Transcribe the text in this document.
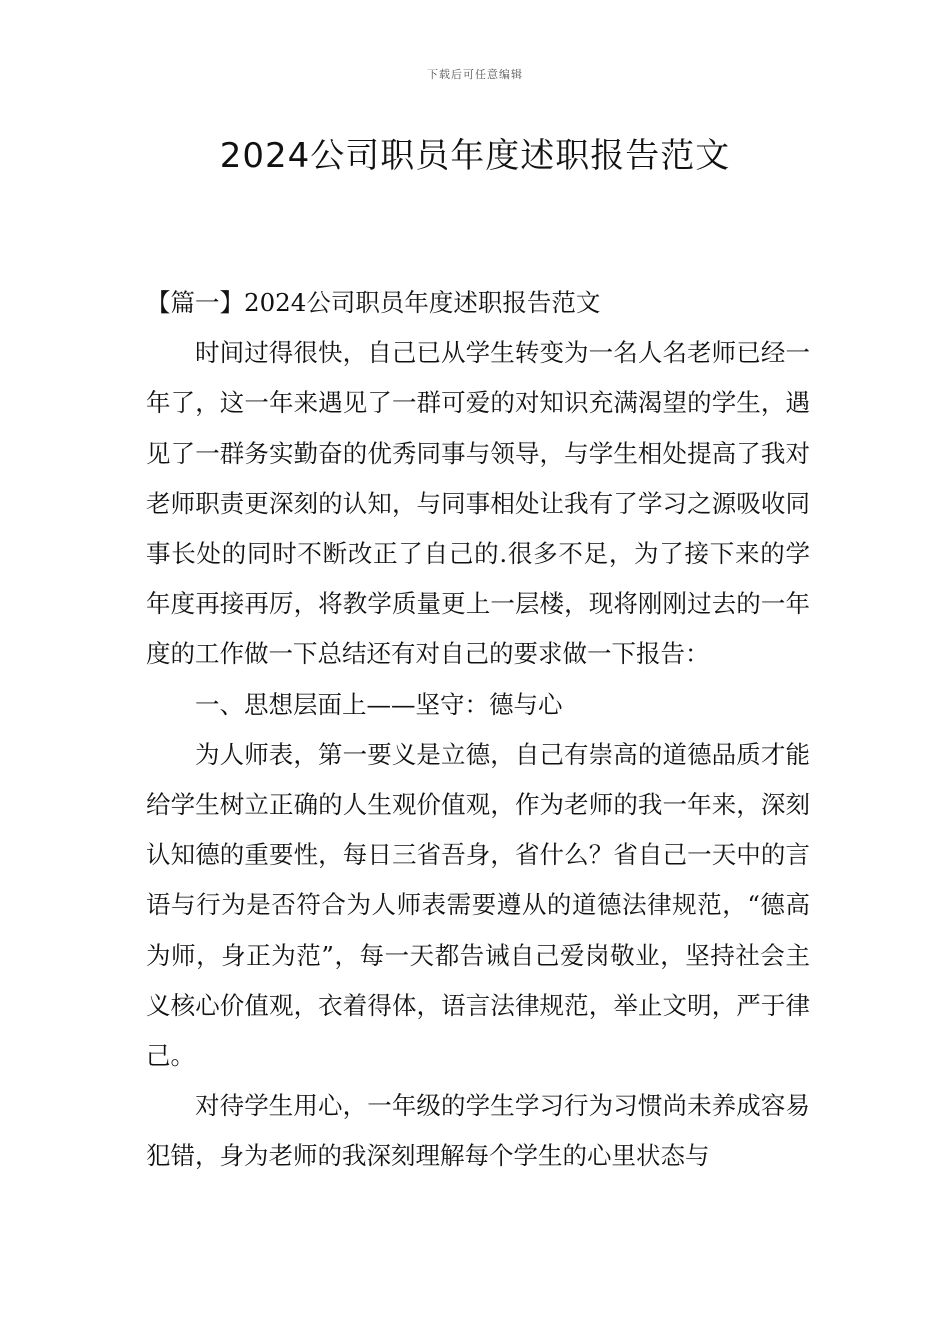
下载后可任意编辑
2024公司职员年度述职报告范文

【篇一】2024公司职员年度述职报告范文

时间过得很快，自己已从学生转变为一名人名老师已经一年了，这一年来遇见了一群可爱的对知识充满渴望的学生，遇见了一群务实勤奋的优秀同事与领导，与学生相处提高了我对老师职责更深刻的认知，与同事相处让我有了学习之源吸收同事长处的同时不断改正了自己的.很多不足，为了接下来的学年度再接再厉，将教学质量更上一层楼，现将刚刚过去的一年度的工作做一下总结还有对自己的要求做一下报告：

一、思想层面上——坚守：德与心

为人师表，第一要义是立德，自己有崇高的道德品质才能给学生树立正确的人生观价值观，作为老师的我一年来，深刻认知德的重要性，每日三省吾身，省什么？省自己一天中的言语与行为是否符合为人师表需要遵从的道德法律规范，“德高为师，身正为范”，每一天都告诫自己爱岗敬业，坚持社会主义核心价值观，衣着得体，语言法律规范，举止文明，严于律己。

对待学生用心，一年级的学生学习行为习惯尚未养成容易犯错，身为老师的我深刻理解每个学生的心里状态与
